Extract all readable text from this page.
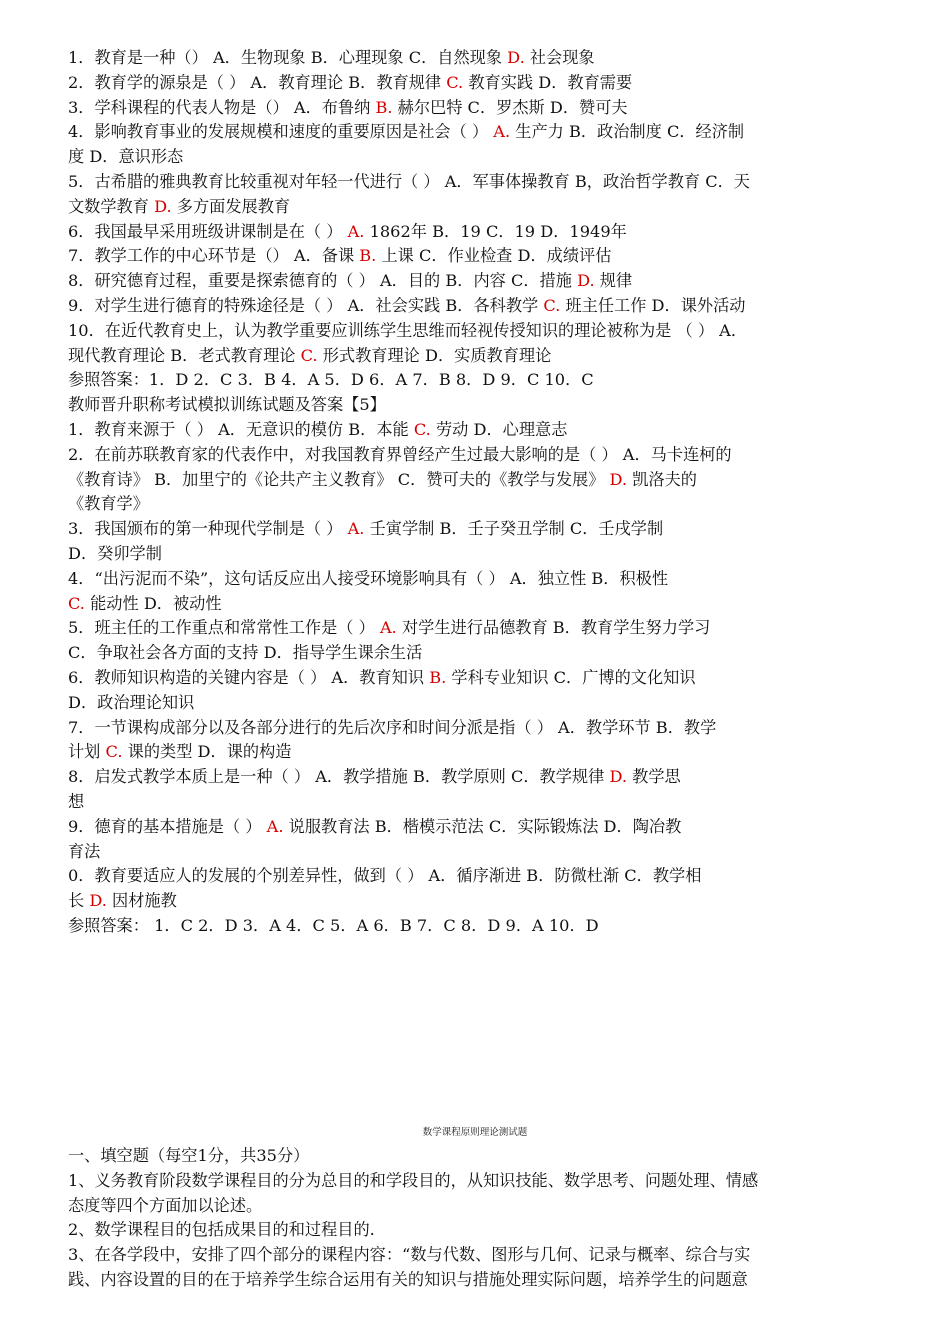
1．教育是一种（） A．生物现象 B．心理现象 C．自然现象 D. 社会现象
2．教育学的源泉是（ ） A．教育理论 B．教育规律 C. 教育实践 D．教育需要
3．学科课程的代表人物是（） A．布鲁纳 B. 赫尔巴特 C．罗杰斯 D．赞可夫
4．影响教育事业的发展规模和速度的重要原因是社会（ ） A. 生产力 B．政治制度 C．经济制
度 D．意识形态
5．古希腊的雅典教育比较重视对年轻一代进行（ ） A．军事体操教育 B，政治哲学教育 C．天
文数学教育 D. 多方面发展教育
6．我国最早采用班级讲课制是在（ ） A. 1862年 B．19 C．19 D．1949年
7．教学工作的中心环节是（） A．备课 B. 上课 C．作业检查 D．成绩评估
8．研究德育过程，重要是探索德育的（ ） A．目的 B．内容 C．措施 D. 规律
9．对学生进行德育的特殊途径是（ ） A．社会实践 B．各科教学 C. 班主任工作 D．课外活动
10．在近代教育史上，认为教学重要应训练学生思维而轻视传授知识的理论被称为是 （ ） A．
现代教育理论 B．老式教育理论 C. 形式教育理论 D．实质教育理论
参照答案：1．D 2．C 3．B 4．A 5．D 6．A 7．B 8．D 9．C 10．C
教师晋升职称考试模拟训练试题及答案【5】
1．教育来源于（ ） A．无意识的模仿 B．本能 C. 劳动 D．心理意志
2．在前苏联教育家的代表作中，对我国教育界曾经产生过最大影响的是（ ） A．马卡连柯的
《教育诗》 B．加里宁的《论共产主义教育》 C．赞可夫的《教学与发展》 D. 凯洛夫的
《教育学》
3．我国颁布的第一种现代学制是（ ） A. 壬寅学制 B．壬子癸丑学制 C．壬戌学制
D．癸卯学制
4．“出污泥而不染”，这句话反应出人接受环境影响具有（ ） A．独立性 B．积极性
C. 能动性 D．被动性
5．班主任的工作重点和常常性工作是（ ） A. 对学生进行品德教育 B．教育学生努力学习
C．争取社会各方面的支持 D．指导学生课余生活
6．教师知识构造的关键内容是（ ） A．教育知识 B. 学科专业知识 C．广博的文化知识
D．政治理论知识
7．一节课构成部分以及各部分进行的先后次序和时间分派是指（ ） A．教学环节 B．教学
计划 C. 课的类型 D．课的构造
8．启发式教学本质上是一种（ ） A．教学措施 B．教学原则 C．教学规律 D. 教学思
想
9．德育的基本措施是（ ） A. 说服教育法 B．楷模示范法 C．实际锻炼法 D．陶冶教
育法
0．教育要适应人的发展的个别差异性，做到（ ） A．循序渐进 B．防微杜渐 C．教学相
长 D. 因材施教
参照答案： 1．C 2．D 3．A 4．C 5．A 6．B 7．C 8．D 9．A 10．D
数学课程原则理论测试题
一、填空题（每空1分，共35分）
1、义务教育阶段数学课程目的分为总目的和学段目的，从知识技能、数学思考、问题处理、情感
态度等四个方面加以论述。
2、数学课程目的包括成果目的和过程目的.
3、在各学段中，安排了四个部分的课程内容：“数与代数、图形与几何、记录与概率、综合与实
践、内容设置的目的在于培养学生综合运用有关的知识与措施处理实际问题，培养学生的问题意
